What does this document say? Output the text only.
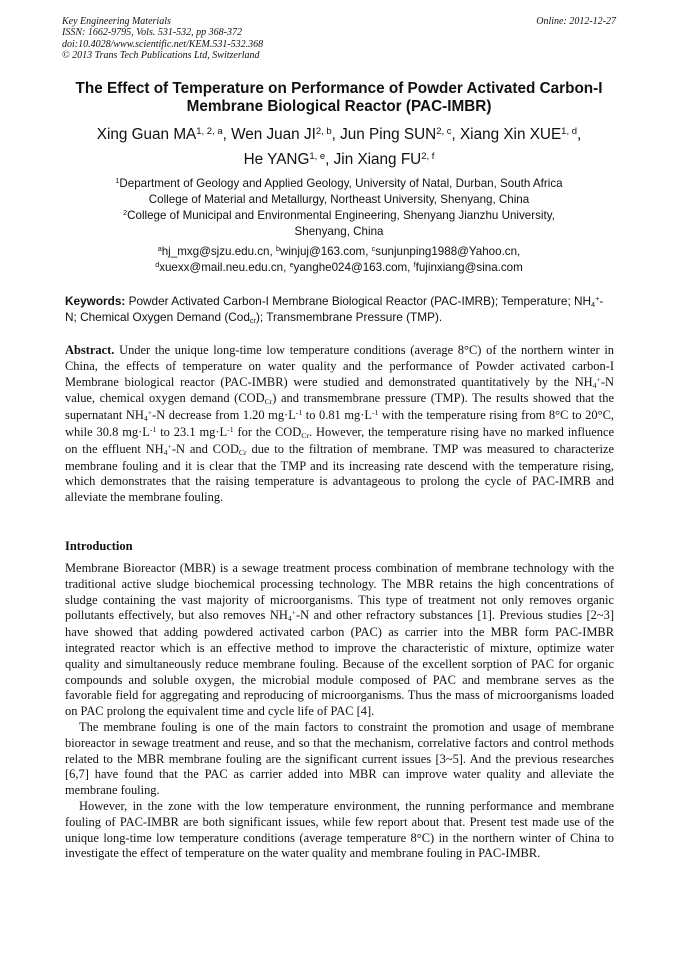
Key Engineering Materials
ISSN: 1662-9795, Vols. 531-532, pp 368-372
doi:10.4028/www.scientific.net/KEM.531-532.368
© 2013 Trans Tech Publications Ltd, Switzerland
Online: 2012-12-27
The Effect of Temperature on Performance of Powder Activated Carbon-I
Membrane Biological Reactor (PAC-IMBR)
Xing Guan MA$^{1, 2, a}$, Wen Juan JI$^{2, b}$, Jun Ping SUN$^{2, c}$, Xiang Xin XUE$^{1, d}$,
He YANG$^{1, e}$, Jin Xiang FU$^{2, f}$
$^1$Department of Geology and Applied Geology, University of Natal, Durban, South Africa
College of Material and Metallurgy, Northeast University, Shenyang, China
$^2$College of Municipal and Environmental Engineering, Shenyang Jianzhu University,
Shenyang, China
$^a$hj_mxg@sjzu.edu.cn, $^b$winjuj@163.com, $^c$sunjunping1988@Yahoo.cn,
$^d$xuexx@mail.neu.edu.cn, $^e$yanghe024@163.com, $^f$fujinxiang@sina.com
Keywords: Powder Activated Carbon-I Membrane Biological Reactor (PAC-IMRB); Temperature; $NH_4^+-N$; Chemical Oxygen Demand (Cod$_{cr}$); Transmembrane Pressure (TMP).
Abstract. Under the unique long-time low temperature conditions (average 8°C) of the northern winter in China, the effects of temperature on water quality and the performance of Powder activated carbon-I Membrane biological reactor (PAC-IMBR) were studied and demonstrated quantitatively by the $NH_4^+-N$ value, chemical oxygen demand $(COD_{Cr})$ and transmembrane pressure (TMP). The results showed that the supernatant $NH_4^+-N$ decrease from 1.20 $mg\cdot L^{-1}$ to 0.81 $mg\cdot L^{-1}$ with the temperature rising from 8°C to 20°C, while 30.8 $mg\cdot L^{-1}$ to 23.1 $mg\cdot L^{-1}$ for the $COD_{Cr}$. However, the temperature rising have no marked influence on the effluent $NH_4^+-N$ and $COD_{Cr}$ due to the filtration of membrane. TMP was measured to characterize membrane fouling and it is clear that the TMP and its increasing rate descend with the temperature rising, which demonstrates that the raising temperature is advantageous to prolong the cycle of PAC-IMRB and alleviate the membrane fouling.
Introduction

Membrane Bioreactor (MBR) is a sewage treatment process combination of membrane technology with the traditional active sludge biochemical processing technology. The MBR retains the high concentrations of sludge containing the vast majority of microorganisms. This type of treatment not only removes organic pollutants effectively, but also removes $NH_4^+-N$ and other refractory substances [1]. Previous studies [2~3] have showed that adding powdered activated carbon (PAC) as carrier into the MBR form PAC-IMBR integrated reactor which is an effective method to improve the characteristic of mixture, optimize water quality and simultaneously reduce membrane fouling. Because of the excellent sorption of PAC for organic compounds and soluble oxygen, the microbial module composed of PAC and membrane serves as the favorable field for aggregating and reproducing of microorganisms. Thus the mass of microorganisms loaded on PAC prolong the equivalent time and cycle life of PAC [4].

The membrane fouling is one of the main factors to constraint the promotion and usage of membrane bioreactor in sewage treatment and reuse, and so that the mechanism, correlative factors and control methods related to the MBR membrane fouling are the significant current issues [3~5]. And the previous researches [6,7] have found that the PAC as carrier added into MBR can improve water quality and alleviate the membrane fouling.

However, in the zone with the low temperature environment, the running performance and membrane fouling of PAC-IMBR are both significant issues, while few report about that. Present test made use of the unique long-time low temperature conditions (average temperature 8°C) in the northern winter of China to investigate the effect of temperature on the water quality and membrane fouling in PAC-IMBR.
